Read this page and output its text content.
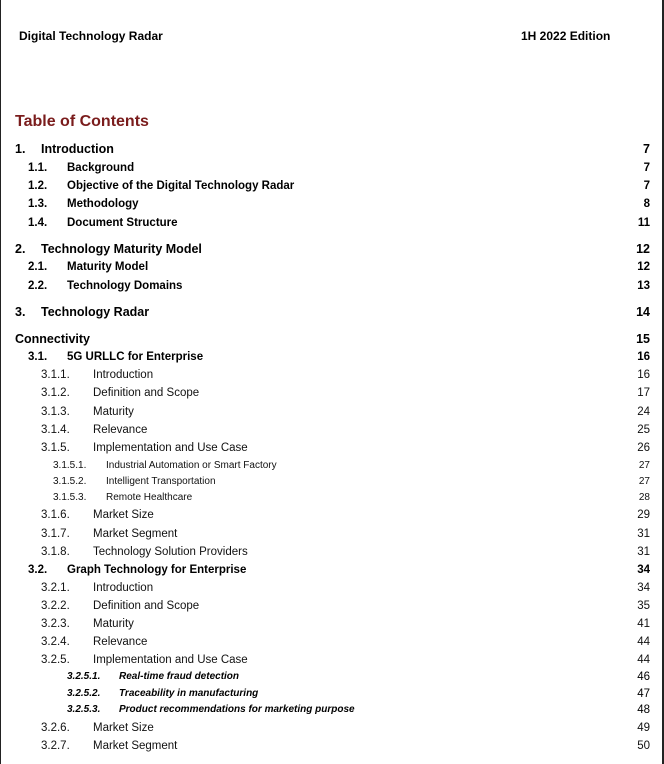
Digital Technology Radar	1H 2022 Edition
Table of Contents
1. Introduction	7
1.1. Background	7
1.2. Objective of the Digital Technology Radar	7
1.3. Methodology	8
1.4. Document Structure	11
2. Technology Maturity Model	12
2.1. Maturity Model	12
2.2. Technology Domains	13
3. Technology Radar	14
Connectivity	15
3.1. 5G URLLC for Enterprise	16
3.1.1. Introduction	16
3.1.2. Definition and Scope	17
3.1.3. Maturity	24
3.1.4. Relevance	25
3.1.5. Implementation and Use Case	26
3.1.5.1. Industrial Automation or Smart Factory	27
3.1.5.2. Intelligent Transportation	27
3.1.5.3. Remote Healthcare	28
3.1.6. Market Size	29
3.1.7. Market Segment	31
3.1.8. Technology Solution Providers	31
3.2. Graph Technology for Enterprise	34
3.2.1. Introduction	34
3.2.2. Definition and Scope	35
3.2.3. Maturity	41
3.2.4. Relevance	44
3.2.5. Implementation and Use Case	44
3.2.5.1. Real-time fraud detection	46
3.2.5.2. Traceability in manufacturing	47
3.2.5.3. Product recommendations for marketing purpose	48
3.2.6. Market Size	49
3.2.7. Market Segment	50
